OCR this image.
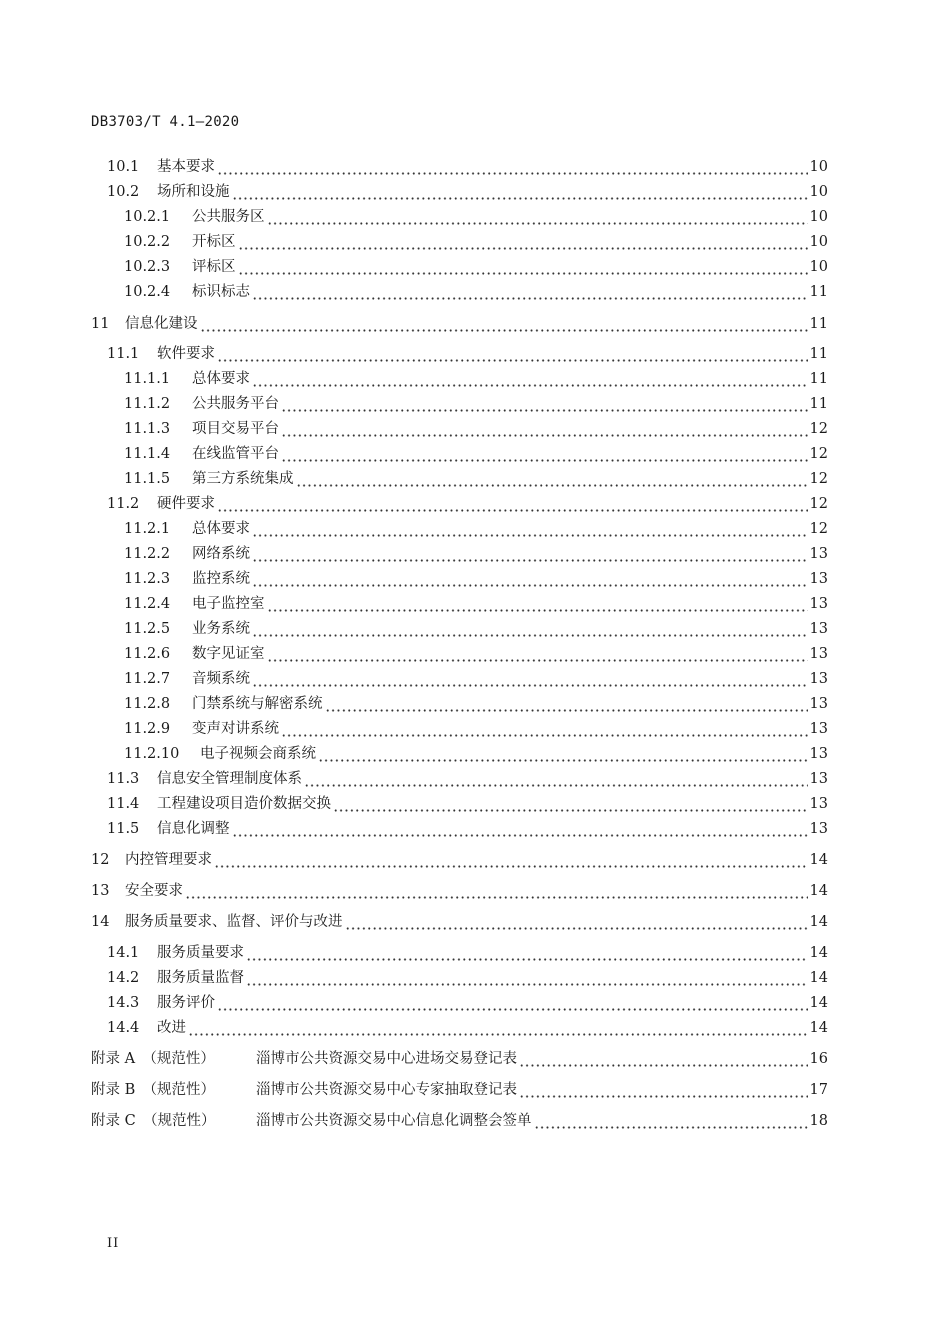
DB3703/T 4.1—2020
10.1	基本要求	10
10.2	场所和设施	10
10.2.1	公共服务区	10
10.2.2	开标区	10
10.2.3	评标区	10
10.2.4	标识标志	11
11	信息化建设	11
11.1	软件要求	11
11.1.1	总体要求	11
11.1.2	公共服务平台	11
11.1.3	项目交易平台	12
11.1.4	在线监管平台	12
11.1.5	第三方系统集成	12
11.2	硬件要求	12
11.2.1	总体要求	12
11.2.2	网络系统	13
11.2.3	监控系统	13
11.2.4	电子监控室	13
11.2.5	业务系统	13
11.2.6	数字见证室	13
11.2.7	音频系统	13
11.2.8	门禁系统与解密系统	13
11.2.9	变声对讲系统	13
11.2.10	电子视频会商系统	13
11.3	信息安全管理制度体系	13
11.4	工程建设项目造价数据交换	13
11.5	信息化调整	13
12	内控管理要求	14
13	安全要求	14
14	服务质量要求、监督、评价与改进	14
14.1	服务质量要求	14
14.2	服务质量监督	14
14.3	服务评价	14
14.4	改进	14
附录 A　（规范性）	淄博市公共资源交易中心进场交易登记表	16
附录 B　（规范性）	淄博市公共资源交易中心专家抽取登记表	17
附录 C　（规范性）	淄博市公共资源交易中心信息化调整会签单	18
II
